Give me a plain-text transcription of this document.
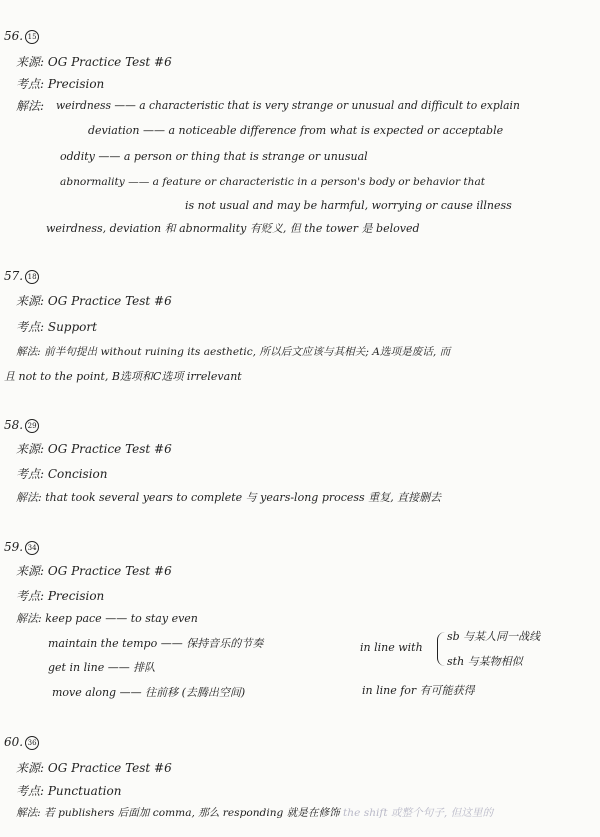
56. 15
来源: OG Practice Test #6
考点: Precision
解法: weirdness —— a characteristic that is very strange or unusual and difficult to explain
deviation —— a noticeable difference from what is expected or acceptable
oddity —— a person or thing that is strange or unusual
abnormality —— a feature or characteristic in a person's body or behavior that
is not usual and may be harmful, worrying or cause illness
weirdness, deviation 和 abnormality 有贬义, 但 the tower 是 beloved
57. 18
来源: OG Practice Test #6
考点: Support
解法: 前半句提出 without ruining its aesthetic, 所以后文应该与其相关; A选项是废话, 而
且 not to the point, B选项和C选项 irrelevant
58. 29
来源: OG Practice Test #6
考点: Concision
解法: that took several years to complete 与 years-long process 重复, 直接删去
59. 34
来源: OG Practice Test #6
考点: Precision
解法: keep pace —— to stay even
maintain the tempo —— 保持音乐的节奏
get in line —— 排队
move along —— 往前移 (去腾出空间)
in line with
sb 与某人同一战线
sth 与某物相似
in line for 有可能获得
60. 36
来源: OG Practice Test #6
考点: Punctuation
解法: 若 publishers 后面加 comma, 那么 responding 就是在修饰 the shift 或整个句子, 但这里的
